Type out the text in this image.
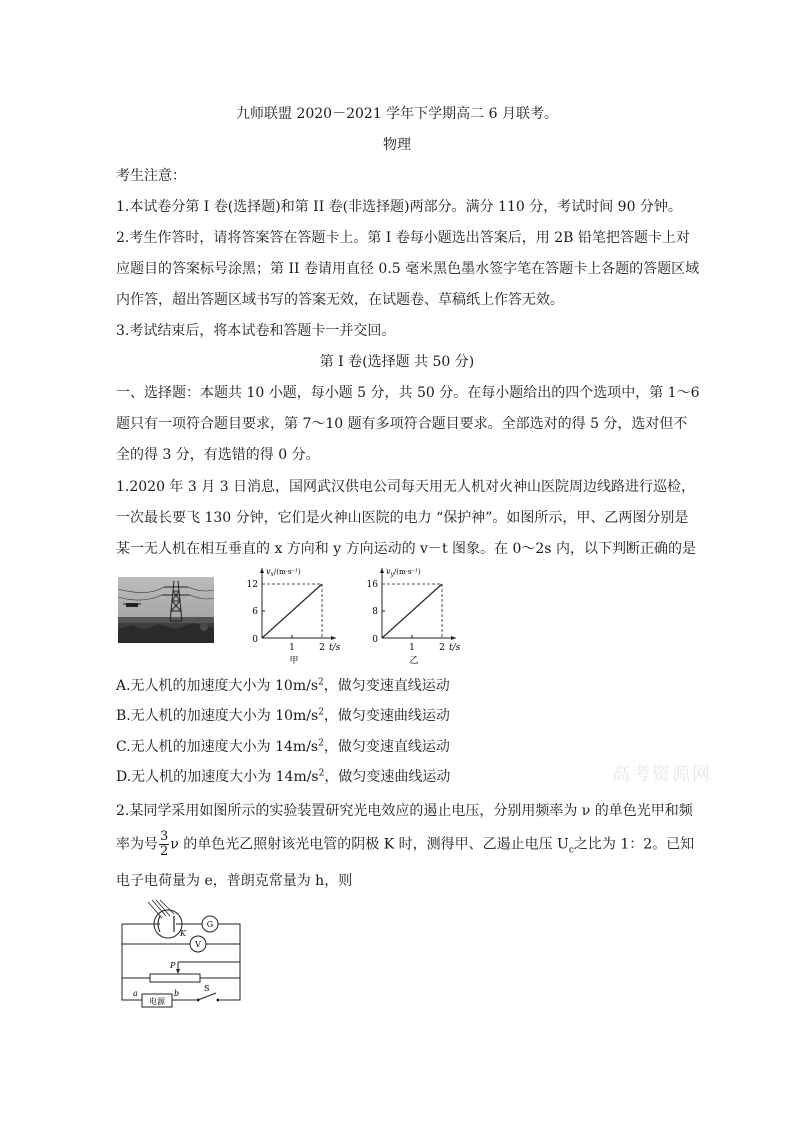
九师联盟 2020－2021 学年下学期高二 6 月联考。
物理
考生注意：
1.本试卷分第 I 卷(选择题)和第 II 卷(非选择题)两部分。满分 110 分，考试时间 90 分钟。
2.考生作答时，请将答案答在答题卡上。第 I 卷每小题选出答案后，用 2B 铅笔把答题卡上对
应题目的答案标号涂黑；第 II 卷请用直径 0.5 毫米黑色墨水签字笔在答题卡上各题的答题区域
内作答，超出答题区域书写的答案无效，在试题卷、草稿纸上作答无效。
3.考试结束后，将本试卷和答题卡一并交回。
第 I 卷(选择题 共 50 分)
一、选择题：本题共 10 小题，每小题 5 分，共 50 分。在每小题给出的四个选项中，第 1～6
题只有一项符合题目要求，第 7～10 题有多项符合题目要求。全部选对的得 5 分，选对但不
全的得 3 分，有选错的得 0 分。
1.2020 年 3 月 3 日消息，国网武汉供电公司每天用无人机对火神山医院周边线路进行巡检，
一次最长要飞 130 分钟，它们是火神山医院的电力 “保护神”。如图所示，甲、乙两图分别是
某一无人机在相互垂直的 x 方向和 y 方向运动的 v－t 图象。在 0～2s 内，以下判断正确的是
$v_x/(m\cdot s^{-1})$
12
6
0
1	2 t/s
甲
$v_y/(m\cdot s^{-1})$
16
8
0
1	2 t/s
乙
A.无人机的加速度大小为 $10m/s^2$，做匀变速直线运动
B.无人机的加速度大小为 $10m/s^2$，做匀变速曲线运动
C.无人机的加速度大小为 $14m/s^2$，做匀变速直线运动
D.无人机的加速度大小为 $14m/s^2$，做匀变速曲线运动	高考资源网
2.某同学采用如图所示的实验装置研究光电效应的遏止电压，分别用频率为 ν 的单色光甲和频
率为号 $\frac{3}{2}$ ν 的单色光乙照射该光电管的阴极 K 时，测得甲、乙遏止电压 $U_c$之比为 1：2。已知
电子电荷量为 e，普朗克常量为 h，则
K
G
V
P
电源
a	b
S
